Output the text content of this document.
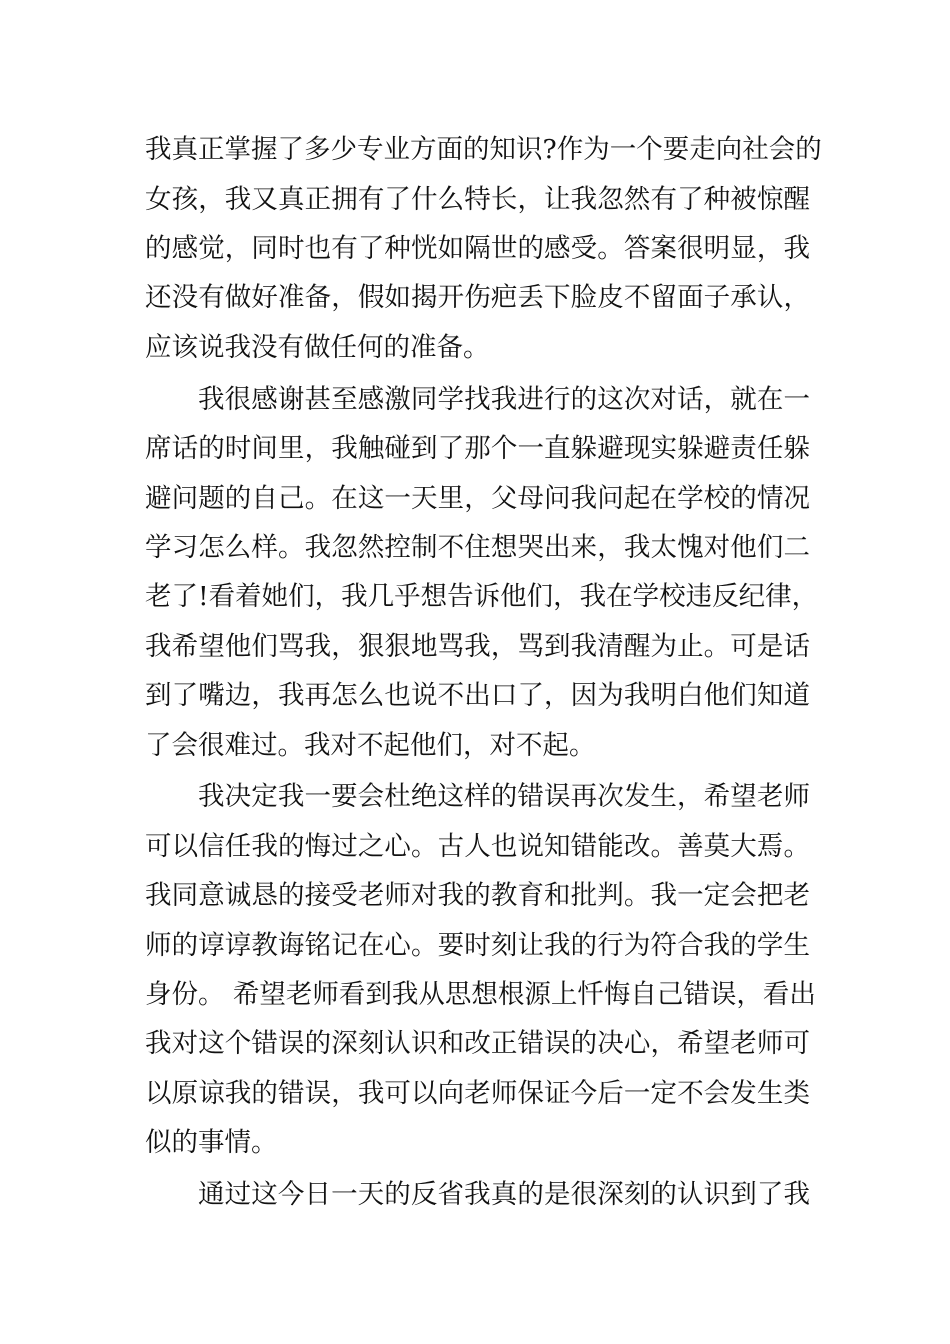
我真正掌握了多少专业方面的知识?作为一个要走向社会的
女孩，我又真正拥有了什么特长，让我忽然有了种被惊醒
的感觉，同时也有了种恍如隔世的感受。答案很明显，我
还没有做好准备，假如揭开伤疤丢下脸皮不留面子承认，
应该说我没有做任何的准备。
我很感谢甚至感激同学找我进行的这次对话，就在一
席话的时间里，我触碰到了那个一直躲避现实躲避责任躲
避问题的自己。在这一天里，父母问我问起在学校的情况
学习怎么样。我忽然控制不住想哭出来，我太愧对他们二
老了!看着她们，我几乎想告诉他们，我在学校违反纪律，
我希望他们骂我，狠狠地骂我，骂到我清醒为止。可是话
到了嘴边，我再怎么也说不出口了，因为我明白他们知道
了会很难过。我对不起他们，对不起。
我决定我一要会杜绝这样的错误再次发生，希望老师
可以信任我的悔过之心。古人也说知错能改。善莫大焉。
我同意诚恳的接受老师对我的教育和批判。我一定会把老
师的谆谆教诲铭记在心。要时刻让我的行为符合我的学生
身份。 希望老师看到我从思想根源上忏悔自己错误，看出
我对这个错误的深刻认识和改正错误的决心，希望老师可
以原谅我的错误，我可以向老师保证今后一定不会发生类
似的事情。
通过这今日一天的反省我真的是很深刻的认识到了我
